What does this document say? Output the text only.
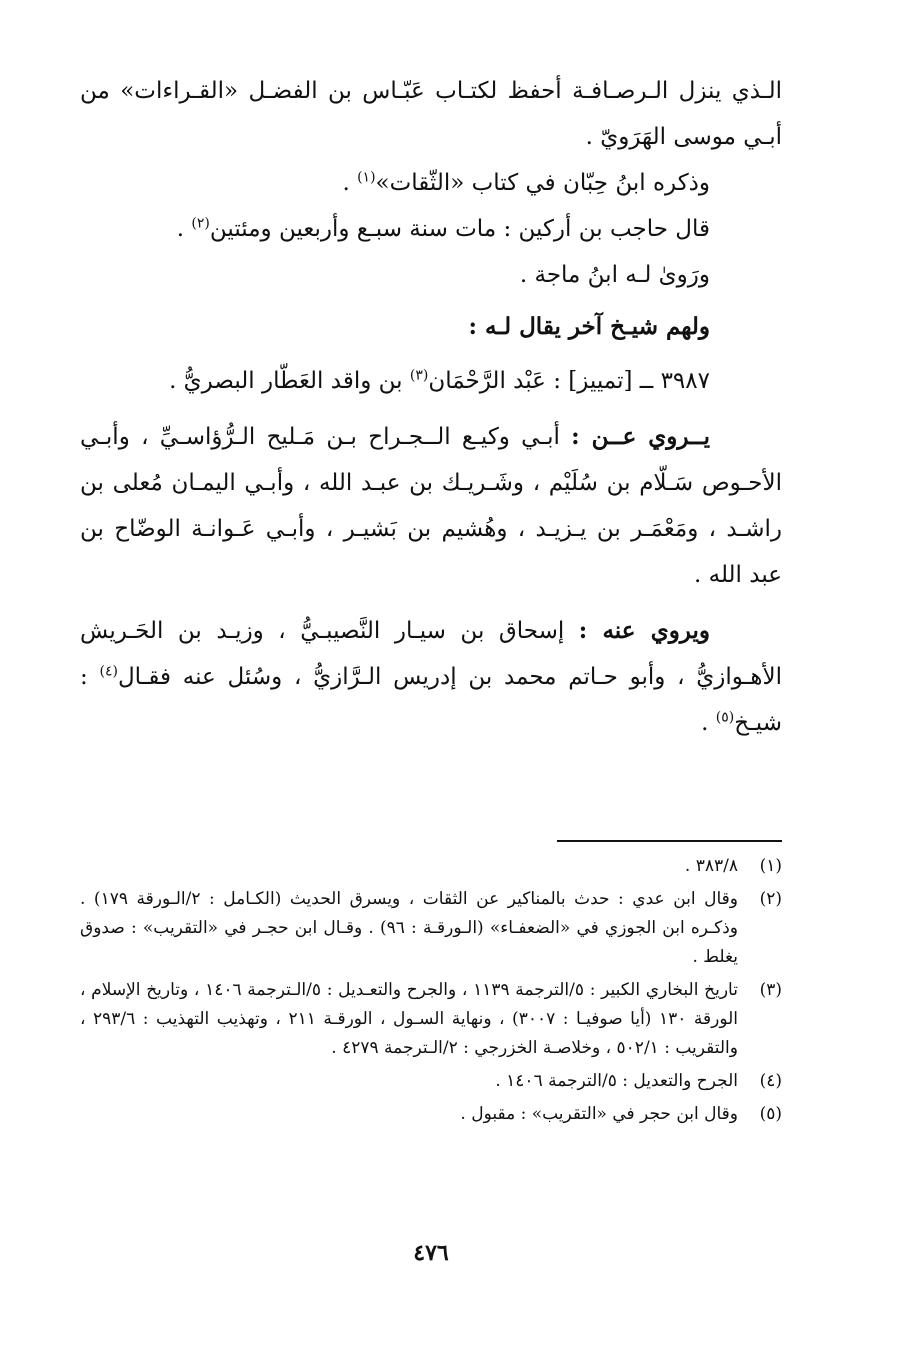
الـذي ينزل الـرصـافـة أحفظ لكتـاب عَبّـاس بن الفضـل «القـراءات» من أبـي موسى الهَرَويّ .

وذكره ابنُ حِبّان في كتاب «الثّقات»$^{(١)}$ .

قال حاجب بن أركين : مات سنة سبـع وأربعين ومئتين$^{(٢)}$ .

ورَوىٰ لـه ابنُ ماجة .

ولهم شيـخ آخر يقال لـه :

٣٩٨٧ ــ [تمييز] : عَبْد الرَّحْمَان$^{(٣)}$ بن واقد العَطّار البصريُّ .

يــروي عــن : أبـي وكيـع الــجـراح بـن مَـليح الـرُّؤاسـيِّ ، وأبـي الأحـوص سَـلّام بن سُلَيْم ، وشَـريـك بن عبـد الله ، وأبـي اليمـان مُعلى بن راشـد ، ومَعْمَـر بن يـزيـد ، وهُشيم بن بَشيـر ، وأبـي عَـوانـة الوضّاح بن عبد الله .

ويروي عنه : إسحاق بن سيـار النَّصيبـيُّ ، وزيـد بن الحَـريش الأهـوازيُّ ، وأبو حـاتم محمد بن إدريس الـرَّازيُّ ، وسُئل عنه فقـال$^{(٤)}$ : شيـخ$^{(٥)}$ .

(١)
٣٨٣/٨ .
(٢)
وقال ابن عدي : حدث بالمناكير عن الثقات ، ويسرق الحديث (الكـامل : ٢/الـورقة ١٧٩) . وذكـره ابن الجوزي في «الضعفـاء» (الـورقـة : ٩٦) . وقـال ابن حجـر في «التقريب» : صدوق يغلط .
(٣)
تاريخ البخاري الكبير : ٥/الترجمة ١١٣٩ ، والجرح والتعـديل : ٥/الـترجمة ١٤٠٦ ، وتاريخ الإسلام ، الورقة ١٣٠ (أيا صوفيـا : ٣٠٠٧) ، ونهاية السـول ، الورقـة ٢١١ ، وتهذيب التهذيب : ٢٩٣/٦ ، والتقريب : ٥٠٢/١ ، وخلاصـة الخزرجي : ٢/الـترجمة ٤٢٧٩ .
(٤)
الجرح والتعديل : ٥/الترجمة ١٤٠٦ .
(٥)
وقال ابن حجر في «التقريب» : مقبول .
٤٧٦
